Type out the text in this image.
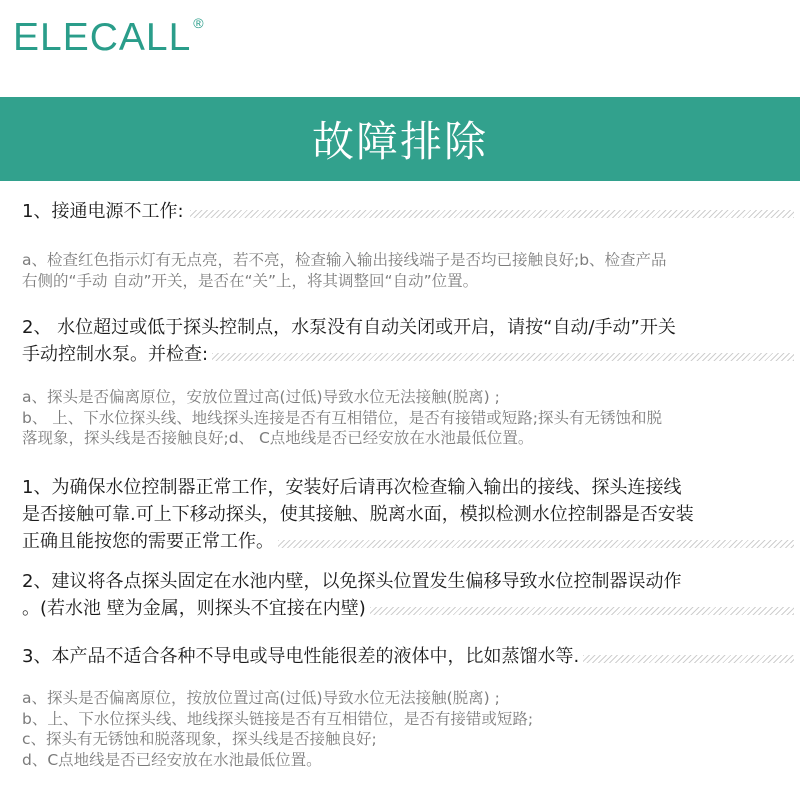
ELECALL ®
故障排除
1、接通电源不工作:
a、检查红色指示灯有无点亮，若不亮，检查输入输出接线端子是否均已接触良好;b、检查产品
右侧的“手动 自动”开关，是否在“关”上，将其调整回“自动”位置。
2、 水位超过或低于探头控制点，水泵没有自动关闭或开启，请按“自动/手动”开关
手动控制水泵。并检查:
a、探头是否偏离原位，安放位置过高(过低)导致水位无法接触(脱离) ;
b、 上、下水位探头线、地线探头连接是否有互相错位，是否有接错或短路;探头有无锈蚀和脱
落现象，探头线是否接触良好;d、 C点地线是否已经安放在水池最低位置。
1、为确保水位控制器正常工作，安装好后请再次检查输入输出的接线、探头连接线
是否接触可靠.可上下移动探头，使其接触、脱离水面，模拟检测水位控制器是否安装
正确且能按您的需要正常工作。
2、建议将各点探头固定在水池内壁，以免探头位置发生偏移导致水位控制器误动作
。(若水池 壁为金属，则探头不宜接在内壁)
3、本产品不适合各种不导电或导电性能很差的液体中，比如蒸馏水等.
a、探头是否偏离原位，按放位置过高(过低)导致水位无法接触(脱离) ;
b、上、下水位探头线、地线探头链接是否有互相错位，是否有接错或短路;
c、探头有无锈蚀和脱落现象，探头线是否接触良好;
d、C点地线是否已经安放在水池最低位置。
